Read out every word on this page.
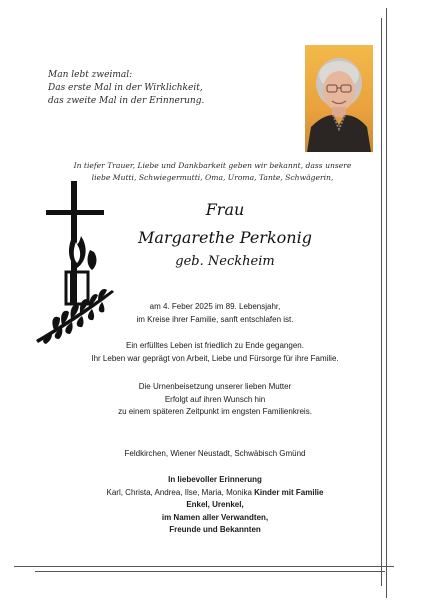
Man lebt zweimal:
Das erste Mal in der Wirklichkeit,
das zweite Mal in der Erinnerung.
In tiefer Trauer, Liebe und Dankbarkeit geben wir bekannt, dass unsere
liebe Mutti, Schwiegermutti, Oma, Uroma, Tante, Schwägerin,
Frau
Margarethe Perkonig
geb. Neckheim
am 4. Feber 2025 im 89. Lebensjahr,
im Kreise ihrer Familie, sanft entschlafen ist.
Ein erfülltes Leben ist friedlich zu Ende gegangen.
Ihr Leben war geprägt von Arbeit, Liebe und Fürsorge für ihre Familie.
Die Urnenbeisetzung unserer lieben Mutter
Erfolgt auf ihren Wunsch hin
zu einem späteren Zeitpunkt im engsten Familienkreis.
Feldkirchen, Wiener Neustadt, Schwäbisch Gmünd
In liebevoller Erinnerung
Karl, Christa, Andrea, Ilse, Maria, Monika Kinder mit Familie
Enkel, Urenkel,
im Namen aller Verwandten,
Freunde und Bekannten
